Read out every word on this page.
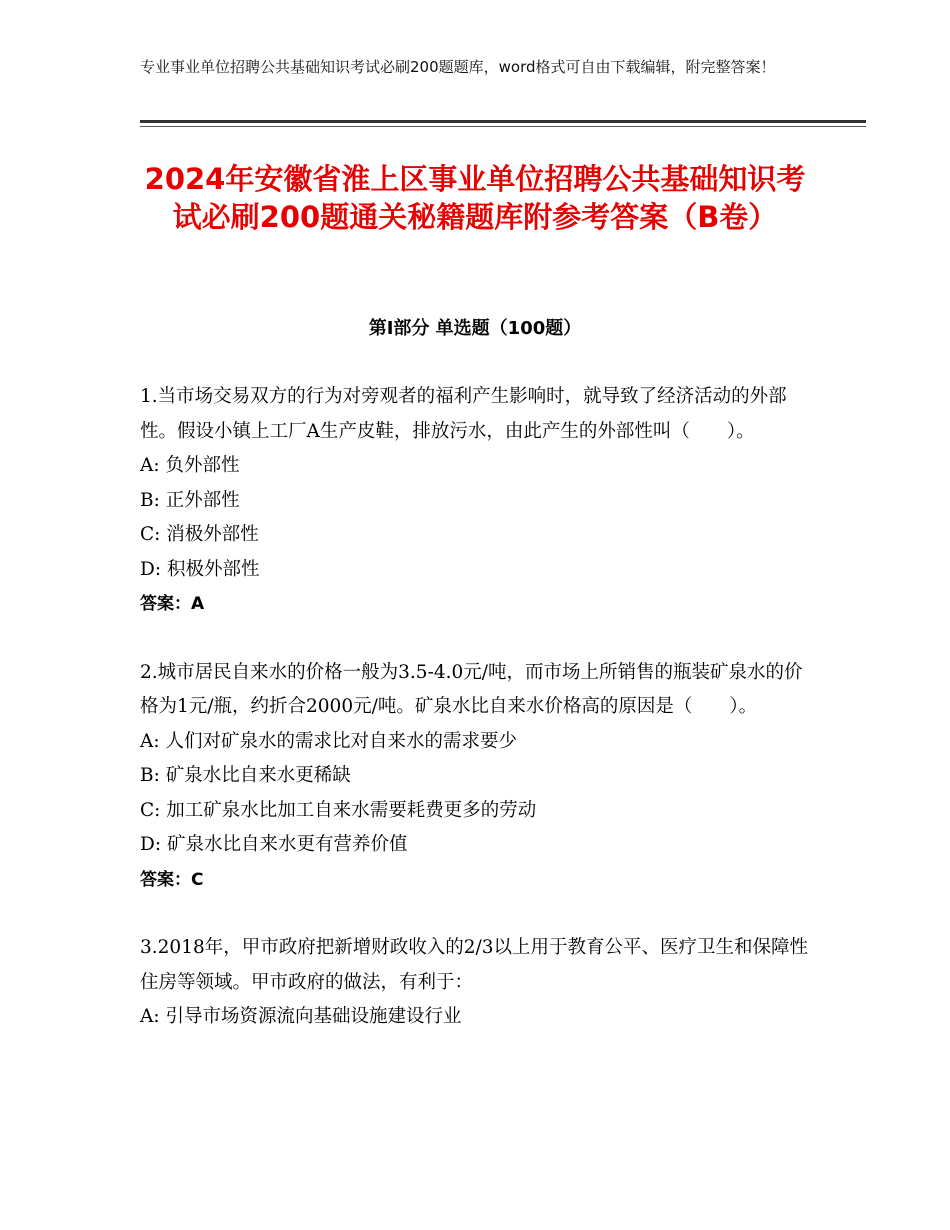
专业事业单位招聘公共基础知识考试必刷200题题库，word格式可自由下载编辑，附完整答案！
2024年安徽省淮上区事业单位招聘公共基础知识考试必刷200题通关秘籍题库附参考答案（B卷）
第Ⅰ部分 单选题（100题）
1.当市场交易双方的行为对旁观者的福利产生影响时，就导致了经济活动的外部性。假设小镇上工厂A生产皮鞋，排放污水，由此产生的外部性叫（　　）。
A: 负外部性
B: 正外部性
C: 消极外部性
D: 积极外部性
答案：A
2.城市居民自来水的价格一般为3.5-4.0元/吨，而市场上所销售的瓶装矿泉水的价格为1元/瓶，约折合2000元/吨。矿泉水比自来水价格高的原因是（　　）。
A: 人们对矿泉水的需求比对自来水的需求要少
B: 矿泉水比自来水更稀缺
C: 加工矿泉水比加工自来水需要耗费更多的劳动
D: 矿泉水比自来水更有营养价值
答案：C
3.2018年，甲市政府把新增财政收入的2/3以上用于教育公平、医疗卫生和保障性住房等领域。甲市政府的做法，有利于：
A: 引导市场资源流向基础设施建设行业
